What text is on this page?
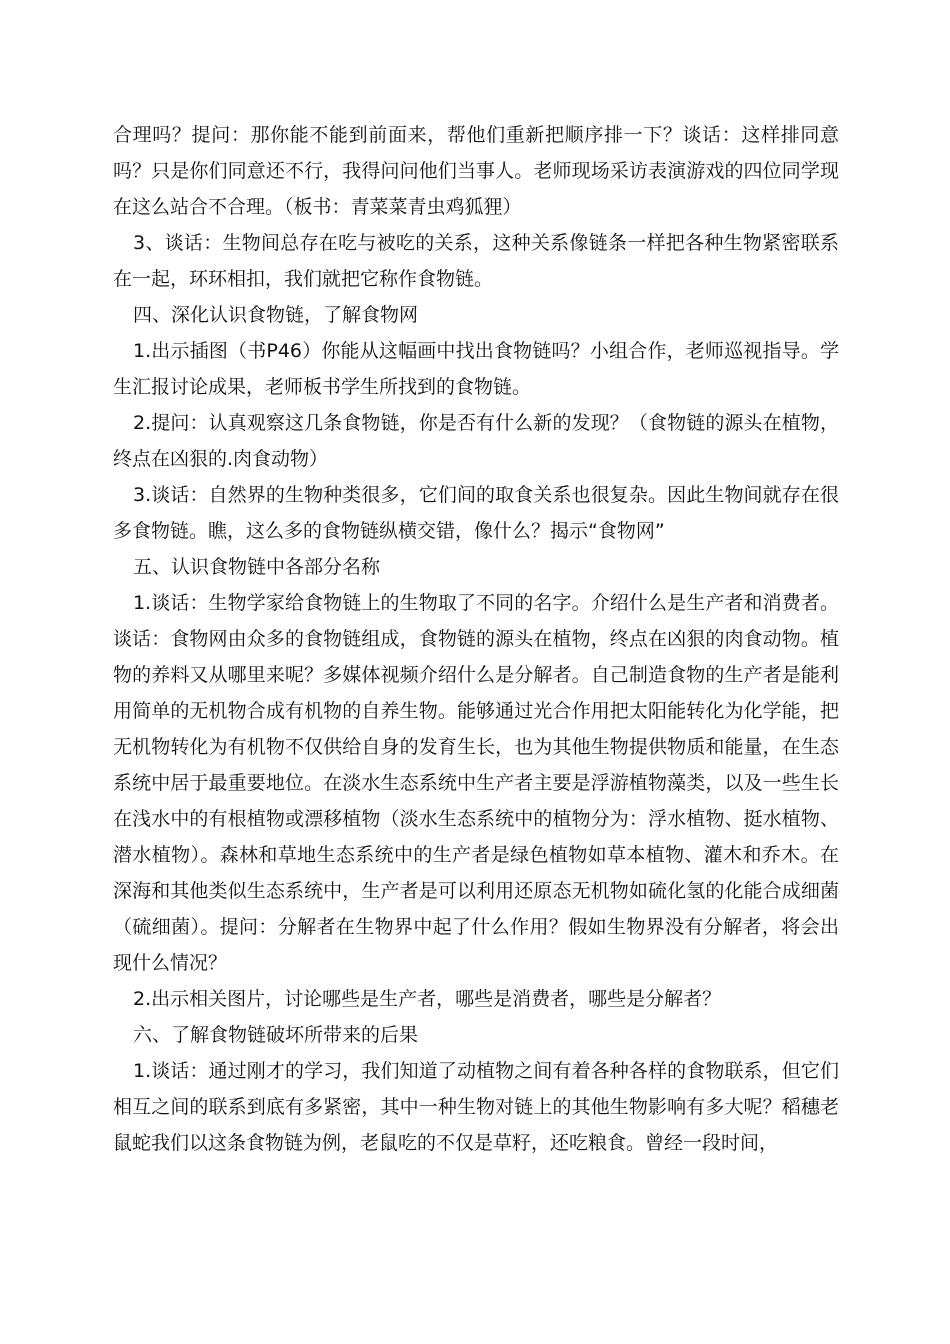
合理吗？提问：那你能不能到前面来，帮他们重新把顺序排一下？谈话：这样排同意吗？只是你们同意还不行，我得问问他们当事人。老师现场采访表演游戏的四位同学现在这么站合不合理。（板书：青菜菜青虫鸡狐狸）

3、谈话：生物间总存在吃与被吃的关系，这种关系像链条一样把各种生物紧密联系在一起，环环相扣，我们就把它称作食物链。

四、深化认识食物链，了解食物网

1.出示插图（书P46）你能从这幅画中找出食物链吗？小组合作，老师巡视指导。学生汇报讨论成果，老师板书学生所找到的食物链。

2.提问：认真观察这几条食物链，你是否有什么新的发现？（食物链的源头在植物，终点在凶狠的.肉食动物）

3.谈话：自然界的生物种类很多，它们间的取食关系也很复杂。因此生物间就存在很多食物链。瞧，这么多的食物链纵横交错，像什么？揭示“食物网”

五、认识食物链中各部分名称

1.谈话：生物学家给食物链上的生物取了不同的名字。介绍什么是生产者和消费者。谈话：食物网由众多的食物链组成，食物链的源头在植物，终点在凶狠的肉食动物。植物的养料又从哪里来呢？多媒体视频介绍什么是分解者。自己制造食物的生产者是能利用简单的无机物合成有机物的自养生物。能够通过光合作用把太阳能转化为化学能，把无机物转化为有机物不仅供给自身的发育生长，也为其他生物提供物质和能量，在生态系统中居于最重要地位。在淡水生态系统中生产者主要是浮游植物藻类，以及一些生长在浅水中的有根植物或漂移植物（淡水生态系统中的植物分为：浮水植物、挺水植物、潜水植物）。森林和草地生态系统中的生产者是绿色植物如草本植物、灌木和乔木。在深海和其他类似生态系统中，生产者是可以利用还原态无机物如硫化氢的化能合成细菌（硫细菌）。提问：分解者在生物界中起了什么作用？假如生物界没有分解者，将会出现什么情况？

2.出示相关图片，讨论哪些是生产者，哪些是消费者，哪些是分解者？

六、了解食物链破坏所带来的后果

1.谈话：通过刚才的学习，我们知道了动植物之间有着各种各样的食物联系，但它们相互之间的联系到底有多紧密，其中一种生物对链上的其他生物影响有多大呢？稻穗老鼠蛇我们以这条食物链为例，老鼠吃的不仅是草籽，还吃粮食。曾经一段时间，
